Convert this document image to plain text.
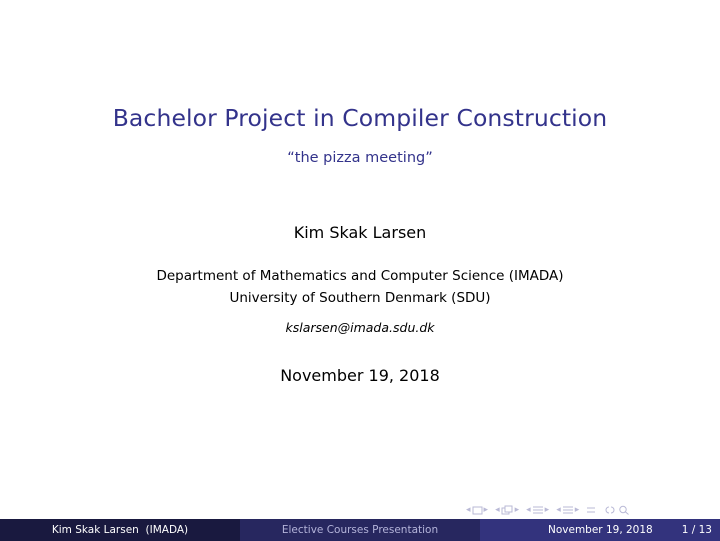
Bachelor Project in Compiler Construction
“the pizza meeting”
Kim Skak Larsen
Department of Mathematics and Computer Science (IMADA)
University of Southern Denmark (SDU)
kslarsen@imada.sdu.dk
November 19, 2018
◂ ▸ ◂ ▸ ◂ ▸ ◂ ▸
Kim Skak Larsen  (IMADA)	Elective Courses Presentation	November 19, 2018	1 / 13
